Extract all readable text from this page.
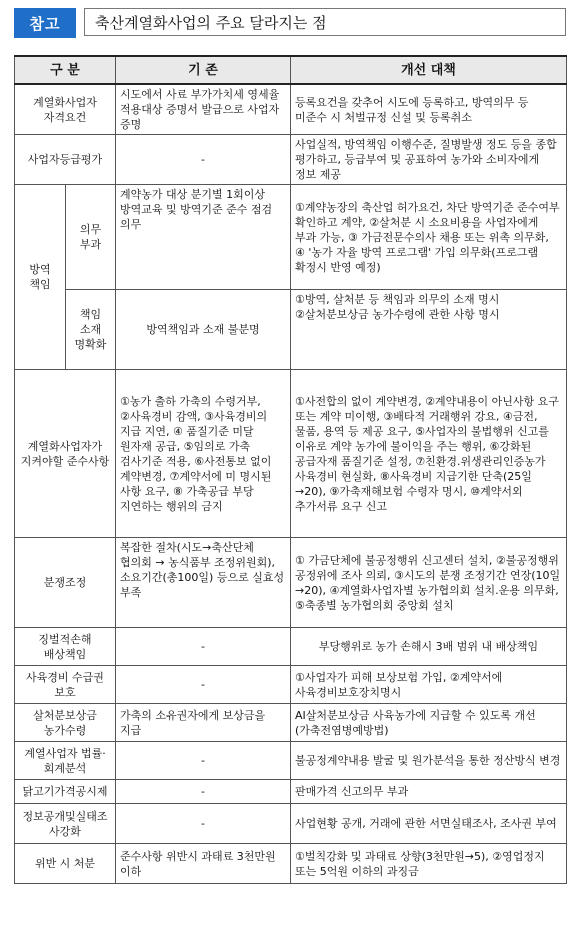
참고	축산계열화사업의 주요 달라지는 점
구 분		기 존	개선 대책
계열화사업자 자격요건		시도에서 사료 부가가치세 영세율 적용대상 증명서 발급으로 사업자 증명	등록요건을 갖추어 시도에 등록하고, 방역의무 등 미준수 시 처벌규정 신설 및 등록취소
사업자등급평가		-	사업실적, 방역책임 이행수준, 질병발생 정도 등을 종합 평가하고, 등급부여 및 공표하여 농가와 소비자에게 정보 제공
방역 책임	의무 부과	계약농가 대상 분기별 1회이상 방역교육 및 방역기준 준수 점검 의무	①계약농장의 축산업 허가요건, 차단 방역기준 준수여부 확인하고 계약, ②살처분 시 소요비용을 사업자에게 부과 가능, ③ 가금전문수의사 채용 또는 위촉 의무화, ④ '농가 자율 방역 프로그램' 가입 의무화(프로그램 확정시 반영 예정)
	책임 소재 명확화	방역책임과 소재 불분명	①방역, 살처분 등 책임과 의무의 소재 명시 ②살처분보상금 농가수령에 관한 사항 명시
계열화사업자가 지켜야할 준수사항		①농가 출하 가축의 수령거부, ②사육경비 감액, ③사육경비의 지급 지연, ④ 품질기준 미달 원자재 공급, ⑤임의로 가축 검사기준 적용, ⑥사전통보 없이 계약변경, ⑦계약서에 미 명시된 사항 요구, ⑧ 가축공급 부당 지연하는 행위의 금지	①사전합의 없이 계약변경, ②계약내용이 아닌사항 요구 또는 계약 미이행, ③배타적 거래행위 강요, ④금전, 물품, 용역 등 제공 요구, ⑤사업자의 불법행위 신고를 이유로 계약 농가에 불이익을 주는 행위, ⑥강화된 공급자재 품질기준 설정, ⑦친환경.위생관리인증농가 사육경비 현실화, ⑧사육경비 지급기한 단축(25일→20), ⑨가축재해보험 수령자 명시, ⑩계약서외 추가서류 요구 신고
분쟁조정		복잡한 절차(시도→축산단체 협의회 → 농식품부 조정위원회), 소요기간(총100일) 등으로 실효성 부족	① 가금단체에 불공정행위 신고센터 설치, ②불공정행위 공정위에 조사 의뢰, ③시도의 분쟁 조정기간 연장(10일→20), ④계열화사업자별 농가협의회 설치.운용 의무화, ⑤축종별 농가협의회 중앙회 설치
징벌적손해 배상책임		-	부당행위로 농가 손해시 3배 범위 내 배상책임
사육경비 수급권 보호		-	①사업자가 피해 보상보험 가입, ②계약서에 사육경비보호장치명시
살처분보상금 농가수령		가축의 소유권자에게 보상금을 지급	AI살처분보상금 사육농가에 지급할 수 있도록 개선(가축전염병예방법)
계열사업자 법률·회계분석		-	불공정계약내용 발굴 및 원가분석을 통한 정산방식 변경
닭고기가격공시제		-	판매가격 신고의무 부과
정보공개및실태조사강화		-	사업현황 공개, 거래에 관한 서면실태조사, 조사권 부여
위반 시 처분		준수사항 위반시 과태료 3천만원 이하	①벌칙강화 및 과태료 상향(3천만원→5), ②영업정지 또는 5억원 이하의 과징금
